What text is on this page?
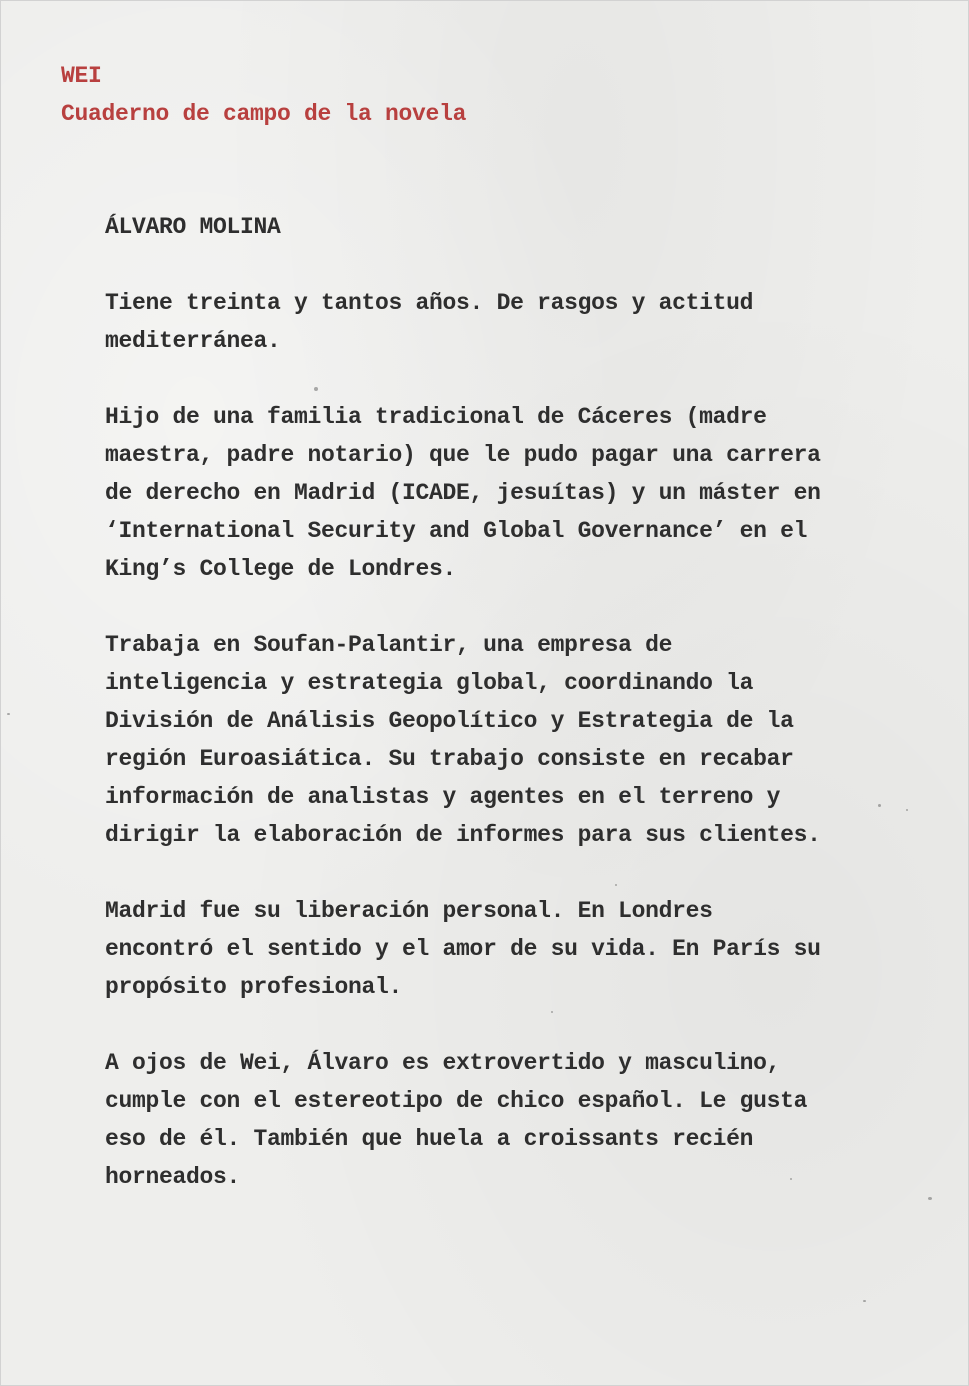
WEI
Cuaderno de campo de la novela

ÁLVARO MOLINA

Tiene treinta y tantos años. De rasgos y actitud
mediterránea.

Hijo de una familia tradicional de Cáceres (madre
maestra, padre notario) que le pudo pagar una carrera
de derecho en Madrid (ICADE, jesuítas) y un máster en
‘International Security and Global Governance’ en el
King’s College de Londres.

Trabaja en Soufan-Palantir, una empresa de
inteligencia y estrategia global, coordinando la
División de Análisis Geopolítico y Estrategia de la
región Euroasiática. Su trabajo consiste en recabar
información de analistas y agentes en el terreno y
dirigir la elaboración de informes para sus clientes.

Madrid fue su liberación personal. En Londres
encontró el sentido y el amor de su vida. En París su
propósito profesional.

A ojos de Wei, Álvaro es extrovertido y masculino,
cumple con el estereotipo de chico español. Le gusta
eso de él. También que huela a croissants recién
horneados.
